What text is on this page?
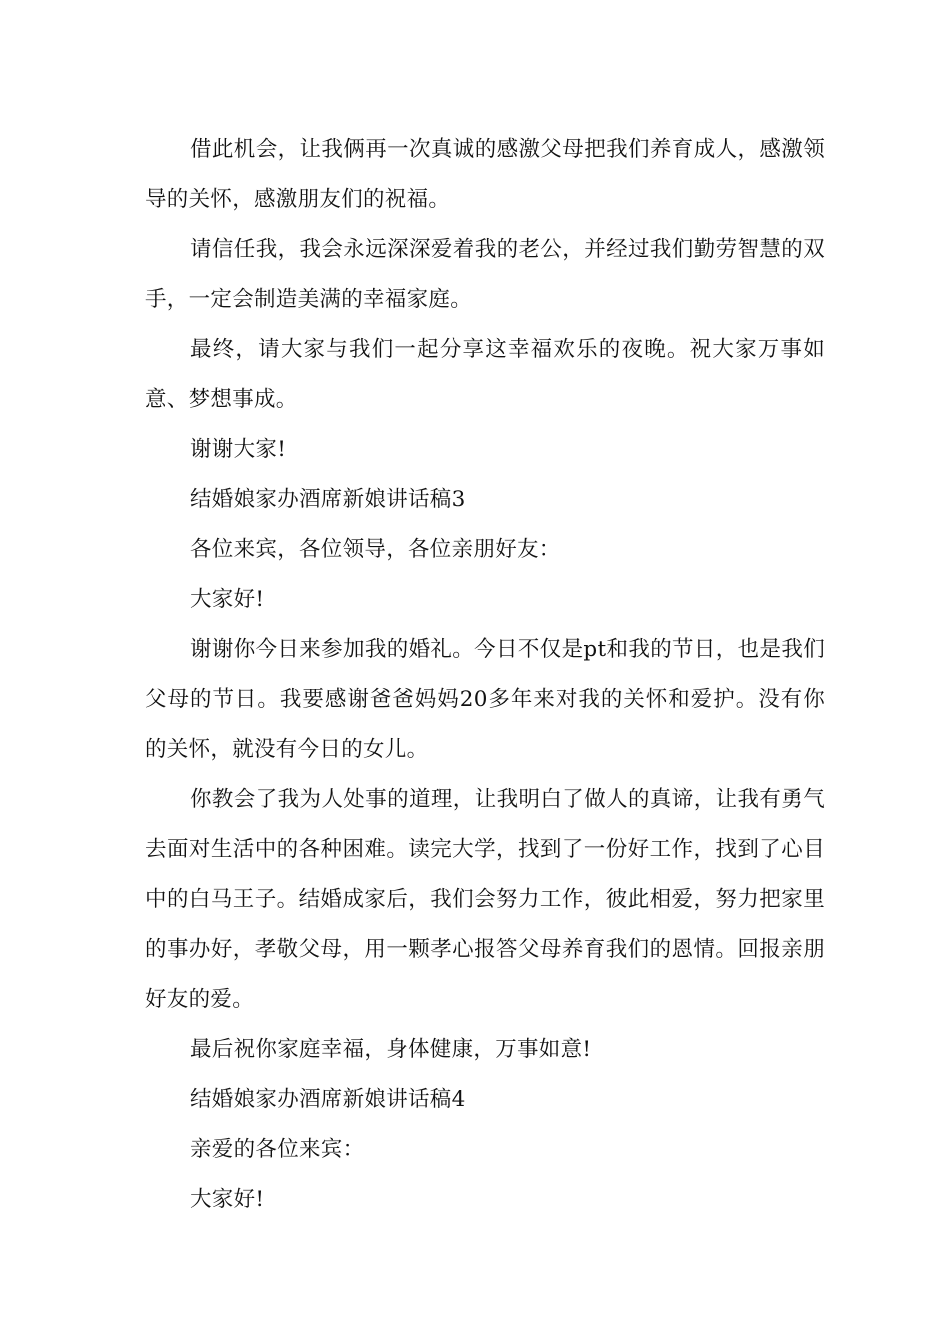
借此机会，让我俩再一次真诚的感激父母把我们养育成人，感激领导的关怀，感激朋友们的祝福。

请信任我，我会永远深深爱着我的老公，并经过我们勤劳智慧的双手，一定会制造美满的幸福家庭。

最终，请大家与我们一起分享这幸福欢乐的夜晚。祝大家万事如意、梦想事成。

谢谢大家!

结婚娘家办酒席新娘讲话稿3

各位来宾，各位领导，各位亲朋好友：

大家好!

谢谢你今日来参加我的婚礼。今日不仅是pt和我的节日，也是我们父母的节日。我要感谢爸爸妈妈20多年来对我的关怀和爱护。没有你的关怀，就没有今日的女儿。

你教会了我为人处事的道理，让我明白了做人的真谛，让我有勇气去面对生活中的各种困难。读完大学，找到了一份好工作，找到了心目中的白马王子。结婚成家后，我们会努力工作，彼此相爱，努力把家里的事办好，孝敬父母，用一颗孝心报答父母养育我们的恩情。回报亲朋好友的爱。

最后祝你家庭幸福，身体健康，万事如意!

结婚娘家办酒席新娘讲话稿4

亲爱的各位来宾：

大家好!
